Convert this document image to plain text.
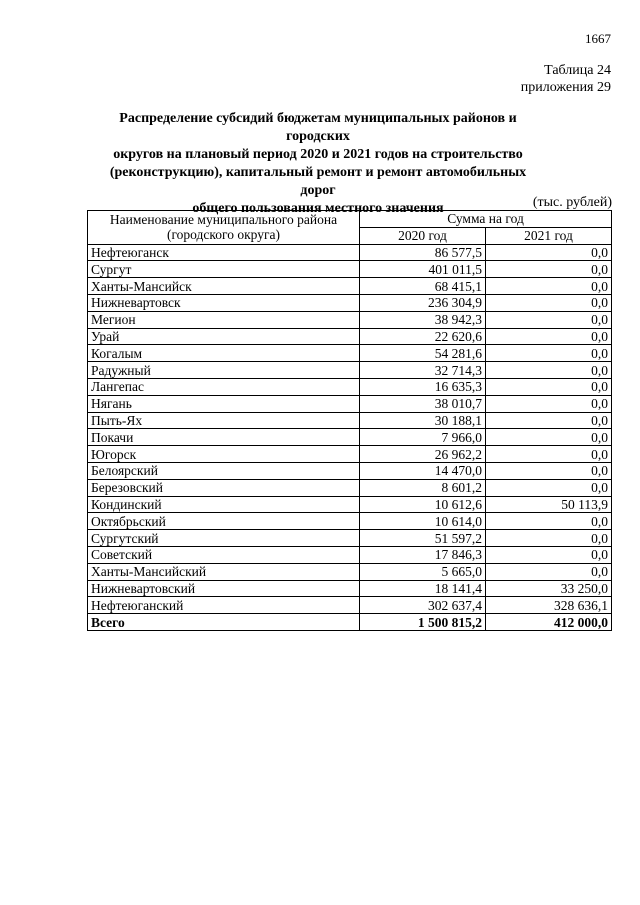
1667
Таблица 24
приложения 29
Распределение субсидий бюджетам муниципальных районов и городских
округов на плановый период 2020 и 2021 годов на строительство
(реконструкцию), капитальный ремонт и ремонт автомобильных дорог
общего пользования местного значения	(тыс. рублей)
Наименование муниципального района
(городского округа)	Сумма на год	
	2020 год	2021 год
Нефтеюганск	86 577,5	0,0
Сургут	401 011,5	0,0
Ханты-Мансийск	68 415,1	0,0
Нижневартовск	236 304,9	0,0
Мегион	38 942,3	0,0
Урай	22 620,6	0,0
Когалым	54 281,6	0,0
Радужный	32 714,3	0,0
Лангепас	16 635,3	0,0
Нягань	38 010,7	0,0
Пыть-Ях	30 188,1	0,0
Покачи	7 966,0	0,0
Югорск	26 962,2	0,0
Белоярский	14 470,0	0,0
Березовский	8 601,2	0,0
Кондинский	10 612,6	50 113,9
Октябрьский	10 614,0	0,0
Сургутский	51 597,2	0,0
Советский	17 846,3	0,0
Ханты-Мансийский	5 665,0	0,0
Нижневартовский	18 141,4	33 250,0
Нефтеюганский	302 637,4	328 636,1
Всего	1 500 815,2	412 000,0
